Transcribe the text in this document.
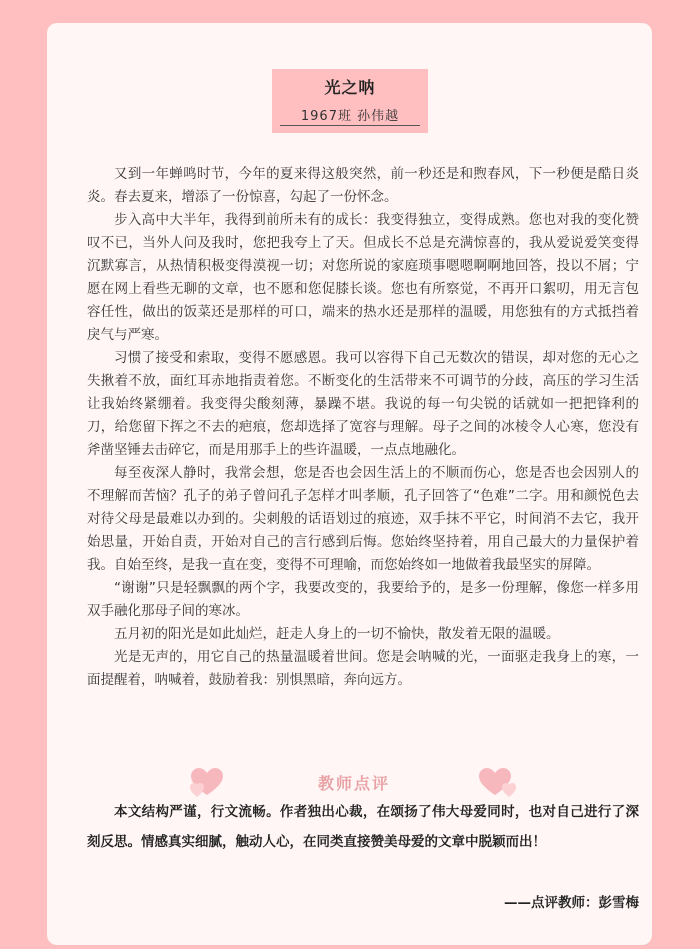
光之呐
1967班 孙伟越

又到一年蝉鸣时节，今年的夏来得这般突然，前一秒还是和煦春风，下一秒便是酷日炎炎。春去夏来，增添了一份惊喜，勾起了一份怀念。

步入高中大半年，我得到前所未有的成长：我变得独立，变得成熟。您也对我的变化赞叹不已，当外人问及我时，您把我夸上了天。但成长不总是充满惊喜的，我从爱说爱笑变得沉默寡言，从热情积极变得漠视一切；对您所说的家庭琐事嗯嗯啊啊地回答，投以不屑；宁愿在网上看些无聊的文章，也不愿和您促膝长谈。您也有所察觉，不再开口絮叨，用无言包容任性，做出的饭菜还是那样的可口，端来的热水还是那样的温暖，用您独有的方式抵挡着戾气与严寒。

习惯了接受和索取，变得不愿感恩。我可以容得下自己无数次的错误，却对您的无心之失揪着不放，面红耳赤地指责着您。不断变化的生活带来不可调节的分歧，高压的学习生活让我始终紧绷着。我变得尖酸刻薄，暴躁不堪。我说的每一句尖锐的话就如一把把锋利的刀，给您留下挥之不去的疤痕，您却选择了宽容与理解。母子之间的冰棱令人心寒，您没有斧凿坚锤去击碎它，而是用那手上的些许温暖，一点点地融化。

每至夜深人静时，我常会想，您是否也会因生活上的不顺而伤心，您是否也会因别人的不理解而苦恼？孔子的弟子曾问孔子怎样才叫孝顺，孔子回答了“色难”二字。用和颜悦色去对待父母是最难以办到的。尖刺般的话语划过的痕迹，双手抹不平它，时间消不去它，我开始思量，开始自责，开始对自己的言行感到后悔。您始终坚持着，用自己最大的力量保护着我。自始至终，是我一直在变，变得不可理喻，而您始终如一地做着我最坚实的屏障。

“谢谢”只是轻飘飘的两个字，我要改变的，我要给予的，是多一份理解，像您一样多用双手融化那母子间的寒冰。

五月初的阳光是如此灿烂，赶走人身上的一切不愉快，散发着无限的温暖。

光是无声的，用它自己的热量温暖着世间。您是会呐喊的光，一面驱走我身上的寒，一面提醒着，呐喊着，鼓励着我：别惧黑暗，奔向远方。

教师点评

本文结构严谨，行文流畅。作者独出心裁，在颂扬了伟大母爱同时，也对自己进行了深刻反思。情感真实细腻，触动人心，在同类直接赞美母爱的文章中脱颖而出！

——点评教师：彭雪梅
